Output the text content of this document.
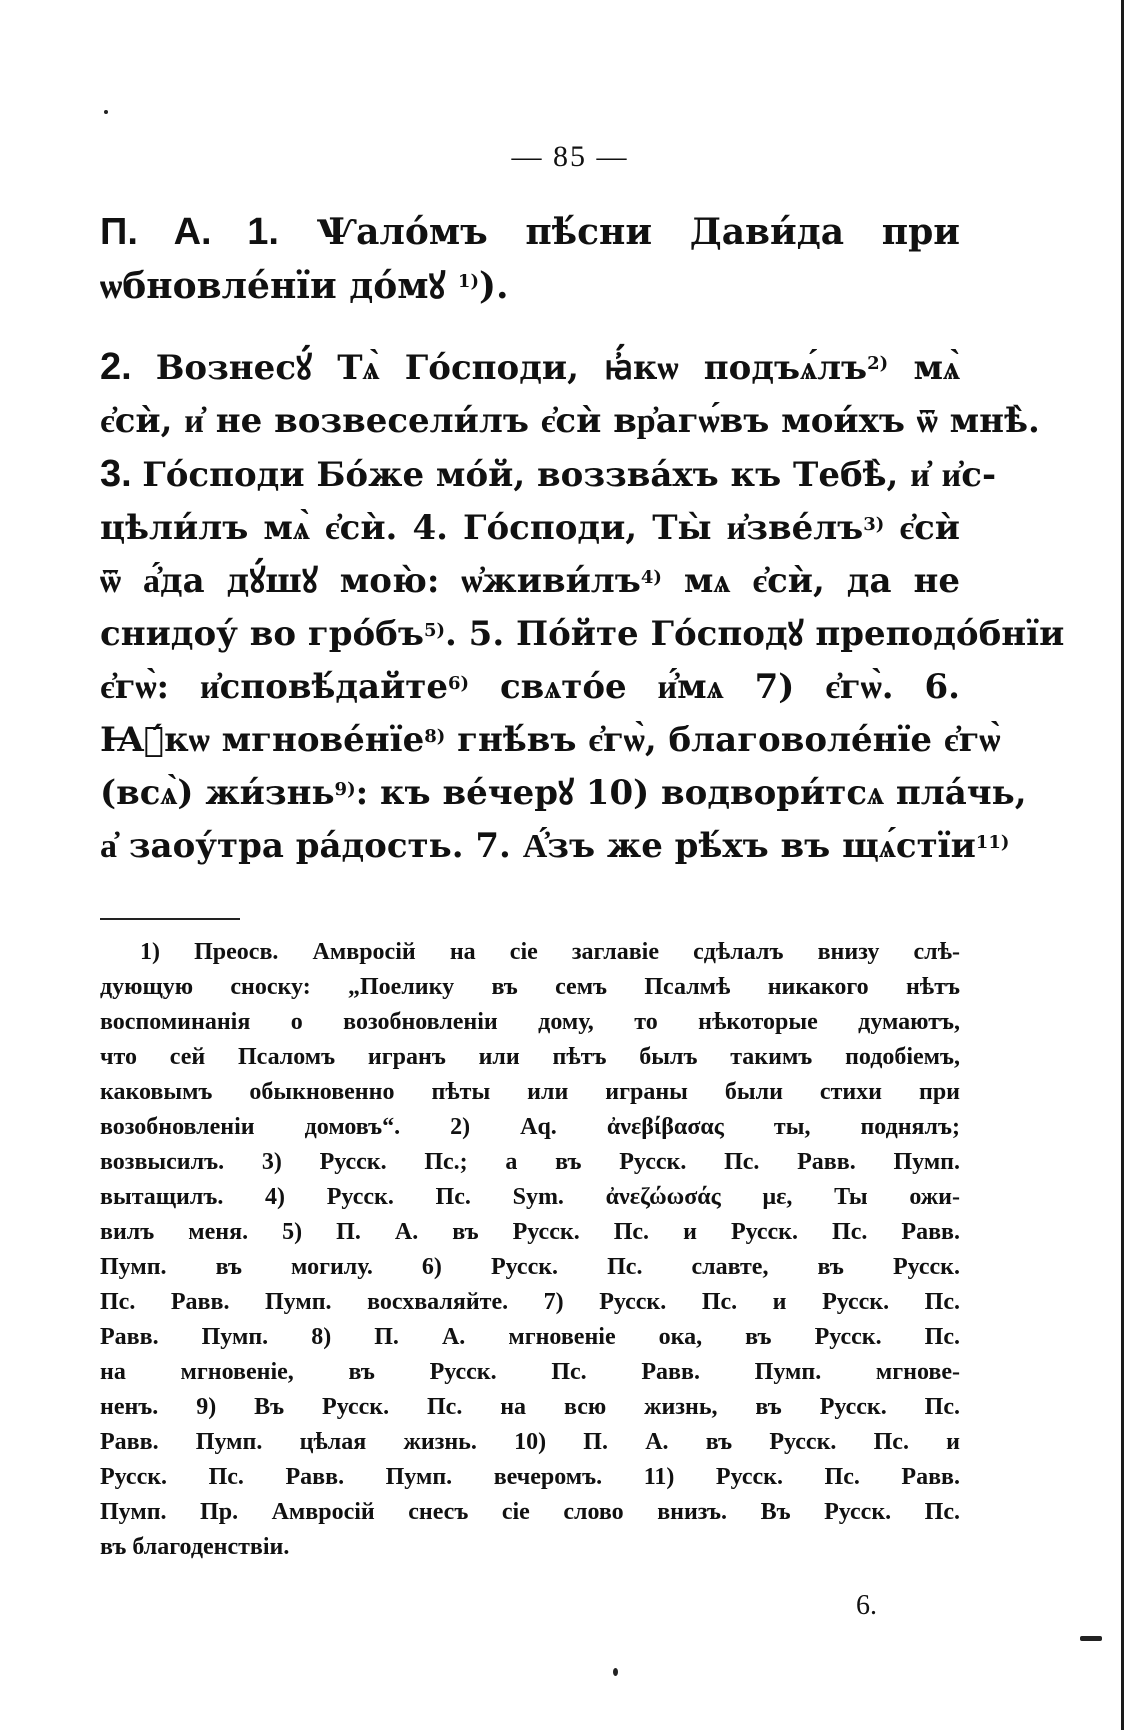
— 85 —

П. А. 1. Ѱало́мъ пѣ́сни Дави́да при ѡбновле́нїи до́мꙋ $^{1)}$).

2. Вознесꙋ́ Тѧ̀ Го́споди, ꙗ҆́кѡ $подъѧ́лъ^{2)}$ мѧ̀

є҆сѝ, и҆ не возвесели́лъ є҆сѝ вр҆агѡ́въ мои́хъ ѿ мнѣ̀.

3. Го́споди Бо́же мо́й, воззва́хъ къ Тебѣ̀, и҆ и҆с-

цѣли́лъ мѧ̀ є҆сѝ. 4. Го́споди, Ты̀ $и҆зве́лъ^{3)}$ є҆сѝ

ѿ а҆́да дꙋ́шꙋ мою̀: $ѡ҆живи́лъ^{4)}$ мѧ є҆сѝ, да не

снидоу́ во $гро́бъ^{5)}$. 5. По́йте Го́сподꙋ преподо́бнїи

є҆гѡ̀: и҆сповѣ́дайте$^{6)}$ свѧто́е и҆́мѧ 7) є҆гѡ̀. 6.

Ꙗ҆́кѡ мгнове́нїе$^{8)}$ гнѣ́въ є҆гѡ̀, благоволе́нїе є҆гѡ̀

(всѧ̀) жи́знь$^{9)}$: къ ве́черꙋ 10) водвори́тсѧ пла́чь,

а҆ заоу́тра ра́дость. 7. А҆́зъ же рѣ́хъ въ щѧ́стїи$^{11)}$

1) Преосв. Амвросій на сіе заглавіе сдѣлалъ внизу слѣ-

дующую сноску: „Поелику въ семъ Псалмѣ никакого нѣтъ

воспоминанія о возобновленіи дому, то нѣкоторые думаютъ,

что сей Псаломъ игранъ или пѣтъ былъ такимъ подобіемъ,

каковымъ обыкновенно пѣты или играны были стихи при

возобновленіи домовъ“. 2) Aq. ἀνεβίβασας ты, поднялъ;

возвысилъ. 3) Русск. Пс.; а въ Русск. Пс. Равв. Пумп.

вытащилъ. 4) Русск. Пс. Sym. ἀνεζώωσάς με, Ты ожи-

вилъ меня. 5) П. А. въ Русск. Пс. и Русск. Пс. Равв.

Пумп. въ могилу. 6) Русск. Пс. славте, въ Русск.

Пс. Равв. Пумп. восхваляйте. 7) Русск. Пс. и Русск. Пс.

Равв. Пумп. 8) П. А. мгновеніе ока, въ Русск. Пс.

на мгновеніе, въ Русск. Пс. Равв. Пумп. мгновe-

ненъ. 9) Въ Русск. Пс. на всю жизнь, въ Русск. Пс.

Равв. Пумп. цѣлая жизнь. 10) П. А. въ Русск. Пс. и

Русск. Пс. Равв. Пумп. вечеромъ. 11) Русск. Пс. Равв.

Пумп. Пр. Амвросій снесъ сіе слово внизъ. Въ Русск. Пс.

въ благоденствіи.

6.
